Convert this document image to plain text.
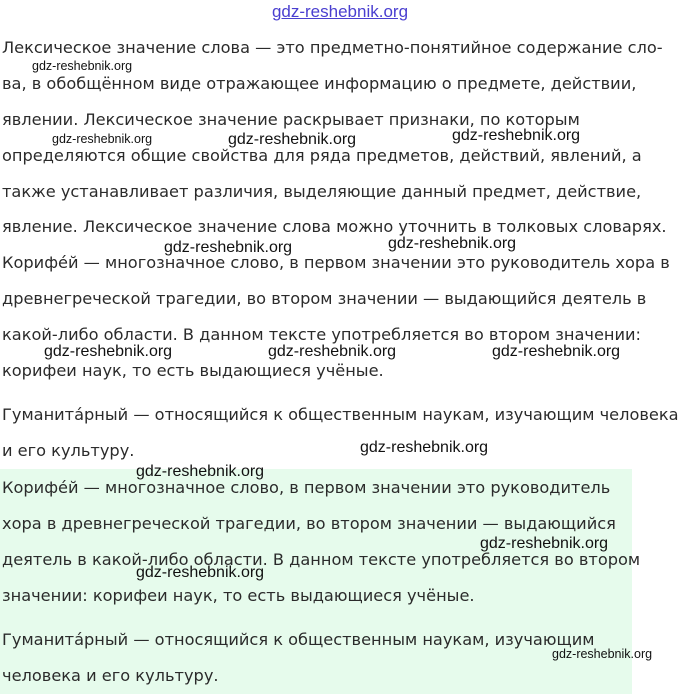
gdz-reshebnik.org

Лексическое значение слова — это предметно-понятийное содержание сло-

ва, в обобщённом виде отражающее информацию о предмете, действии,

явлении. Лексическое значение раскрывает признаки, по которым

определяются общие свойства для ряда предметов, действий, явлений, а

также устанавливает различия, выделяющие данный предмет, действие,

явление. Лексическое значение слова можно уточнить в толковых словарях.

Корифе́й — многозначное слово, в первом значении это руководитель хора в

древнегреческой трагедии, во втором значении — выдающийся деятель в

какой-либо области. В данном тексте употребляется во втором значении:

корифеи наук, то есть выдающиеся учёные.

Гуманита́рный — относящийся к общественным наукам, изучающим человека

и его культуру.

Корифе́й — многозначное слово, в первом значении это руководитель

хора в древнегреческой трагедии, во втором значении — выдающийся

деятель в какой-либо области. В данном тексте употребляется во втором

значении: корифеи наук, то есть выдающиеся учёные.

Гуманита́рный — относящийся к общественным наукам, изучающим

человека и его культуру.

gdz-reshebnik.org
gdz-reshebnik.org	gdz-reshebnik.org	gdz-reshebnik.org
gdz-reshebnik.org	gdz-reshebnik.org
gdz-reshebnik.org	gdz-reshebnik.org	gdz-reshebnik.org
gdz-reshebnik.org
gdz-reshebnik.org
gdz-reshebnik.org
gdz-reshebnik.org
gdz-reshebnik.org
